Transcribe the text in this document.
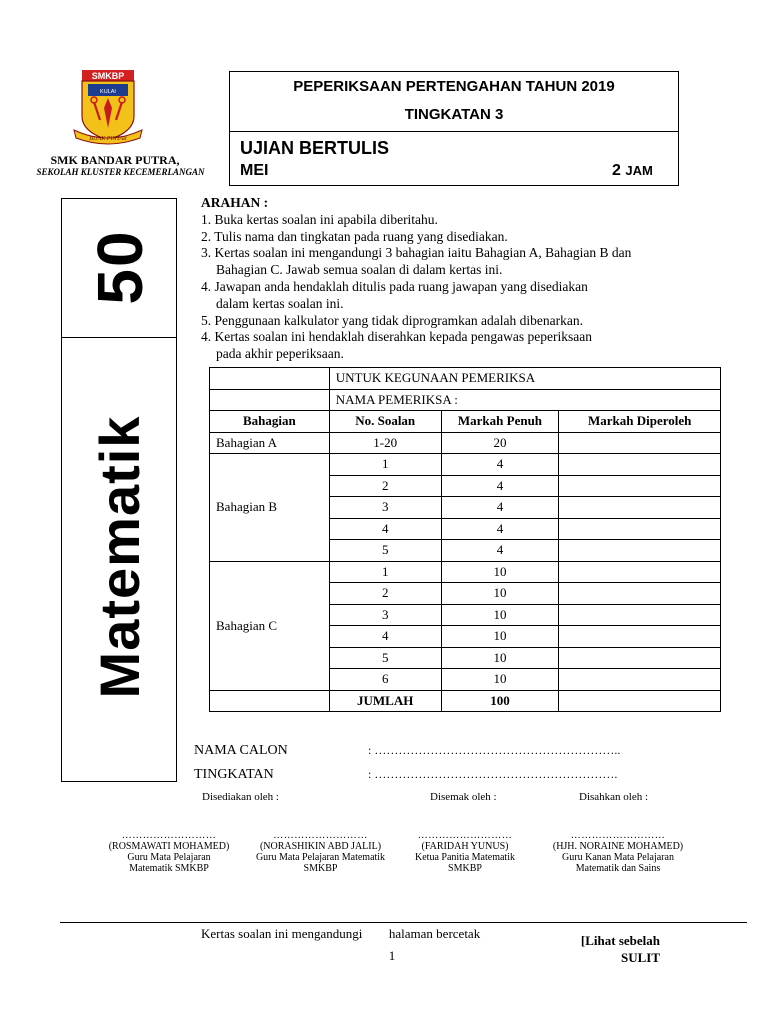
SMKBP
KULAI
BIJAK PINTAR
SMK BANDAR PUTRA,
SEKOLAH KLUSTER KECEMERLANGAN
PEPERIKSAAN PERTENGAHAN TAHUN 2019
TINGKATAN 3
UJIAN BERTULIS
MEI	2 JAM
50
Matematik
ARAHAN :
1. Buka kertas soalan ini apabila diberitahu.
2. Tulis nama dan tingkatan pada ruang yang disediakan.
3. Kertas soalan ini mengandungi 3 bahagian iaitu Bahagian A, Bahagian B dan
Bahagian C. Jawab semua soalan di dalam kertas ini.
4. Jawapan anda hendaklah ditulis pada ruang jawapan yang disediakan
dalam kertas soalan ini.
5. Penggunaan kalkulator yang tidak diprogramkan adalah dibenarkan.
4. Kertas soalan ini hendaklah diserahkan kepada pengawas peperiksaan
pada akhir peperiksaan.
	UNTUK KEGUNAAN PEMERIKSA		
	NAMA PEMERIKSA :		
Bahagian	No. Soalan	Markah Penuh	Markah Diperoleh
Bahagian A	1-20	20	
Bahagian B	1	4	
	2	4	
	3	4	
	4	4	
	5	4	
Bahagian C	1	10	
	2	10	
	3	10	
	4	10	
	5	10	
	6	10	
	JUMLAH	100	
NAMA CALON	: ……………………………………………………..
TINGKATAN	: …………………………………………………….
Disediakan oleh :	Disemak oleh :	Disahkan oleh :
………………………
(ROSMAWATI MOHAMED)
Guru Mata Pelajaran
Matematik SMKBP
………………………
(NORASHIKIN ABD JALIL)
Guru Mata Pelajaran Matematik
SMKBP
………………………
(FARIDAH YUNUS)
Ketua Panitia Matematik
SMKBP
………………………
(HJH. NORAINE MOHAMED)
Guru Kanan Mata Pelajaran
Matematik dan Sains
Kertas soalan ini mengandungi halaman bercetak
1
[Lihat sebelah
SULIT
